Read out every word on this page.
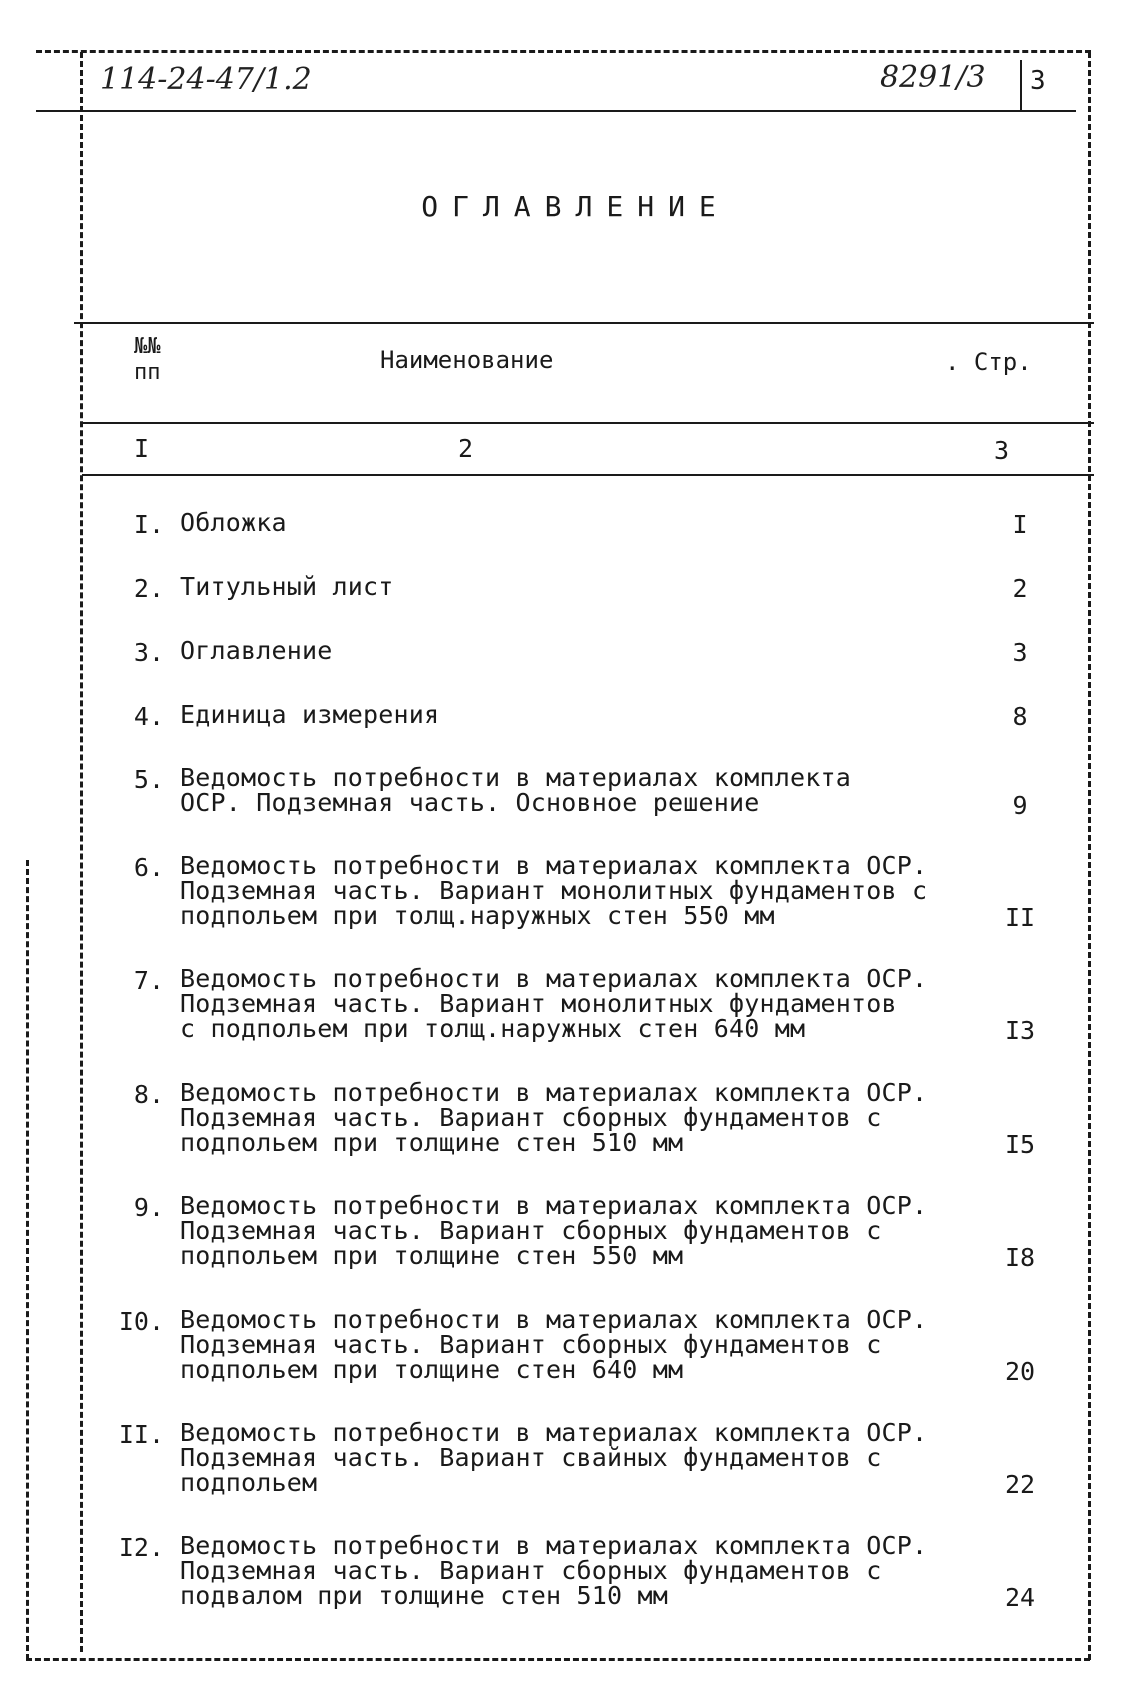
114-24-47/1.2	8291/3 3
ОГЛАВЛЕНИЕ
№№
пп	Наименование	. Стр.
I	2	3
I. Обложка	I
2. Титульный лист	2
3. Оглавление	3
4. Единица измерения	8
5. Ведомость потребности в материалах комплекта
ОСР. Подземная часть. Основное решение	9
6. Ведомость потребности в материалах комплекта ОСР.
Подземная часть. Вариант монолитных фундаментов с
подпольем при толщ.наружных стен 550 мм	II
7. Ведомость потребности в материалах комплекта ОСР.
Подземная часть. Вариант монолитных фундаментов
с подпольем при толщ.наружных стен 640 мм	I3
8. Ведомость потребности в материалах комплекта ОСР.
Подземная часть. Вариант сборных фундаментов с
подпольем при толщине стен 510 мм	I5
9. Ведомость потребности в материалах комплекта ОСР.
Подземная часть. Вариант сборных фундаментов с
подпольем при толщине стен 550 мм	I8
I0. Ведомость потребности в материалах комплекта ОСР.
Подземная часть. Вариант сборных фундаментов с
подпольем при толщине стен 640 мм	20
II. Ведомость потребности в материалах комплекта ОСР.
Подземная часть. Вариант свайных фундаментов с
подпольем	22
I2. Ведомость потребности в материалах комплекта ОСР.
Подземная часть. Вариант сборных фундаментов с
подвалом при толщине стен 510 мм	24
